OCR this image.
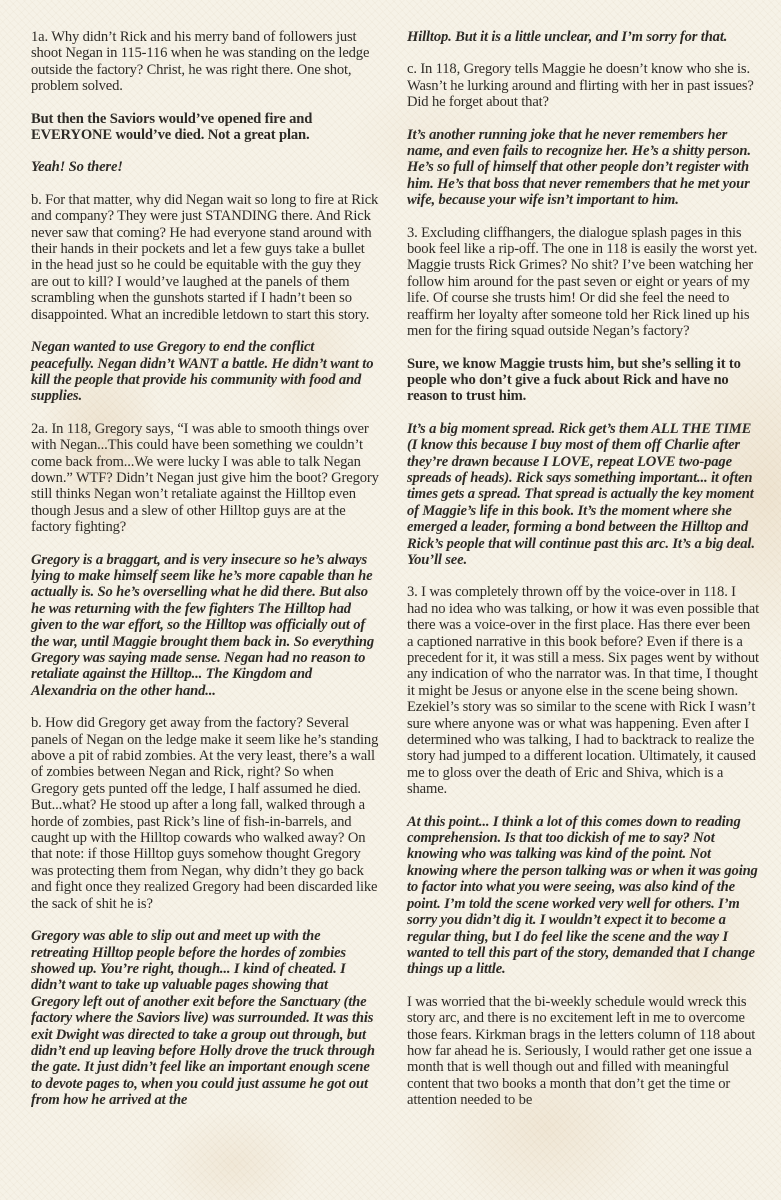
1a. Why didn’t Rick and his merry band of followers just shoot Negan in 115-116 when he was standing on the ledge outside the factory? Christ, he was right there. One shot, problem solved.

But then the Saviors would’ve opened fire and EVERYONE would’ve died. Not a great plan.

Yeah! So there!

b. For that matter, why did Negan wait so long to fire at Rick and company? They were just STANDING there. And Rick never saw that coming? He had everyone stand around with their hands in their pockets and let a few guys take a bullet in the head just so he could be equitable with the guy they are out to kill? I would’ve laughed at the panels of them scrambling when the gunshots started if I hadn’t been so disappointed. What an incredible letdown to start this story.

Negan wanted to use Gregory to end the conflict peacefully. Negan didn’t WANT a battle. He didn’t want to kill the people that provide his community with food and supplies.

2a. In 118, Gregory says, “I was able to smooth things over with Negan...This could have been something we couldn’t come back from...We were lucky I was able to talk Negan down.” WTF? Didn’t Negan just give him the boot? Gregory still thinks Negan won’t retaliate against the Hilltop even though Jesus and a slew of other Hilltop guys are at the factory fighting?

Gregory is a braggart, and is very insecure so he’s always lying to make himself seem like he’s more capable than he actually is. So he’s overselling what he did there. But also he was returning with the few fighters The Hilltop had given to the war effort, so the Hilltop was officially out of the war, until Maggie brought them back in. So everything Gregory was saying made sense. Negan had no reason to retaliate against the Hilltop... The Kingdom and Alexandria on the other hand...

b. How did Gregory get away from the factory? Several panels of Negan on the ledge make it seem like he’s standing above a pit of rabid zombies. At the very least, there’s a wall of zombies between Negan and Rick, right? So when Gregory gets punted off the ledge, I half assumed he died. But...what? He stood up after a long fall, walked through a horde of zombies, past Rick’s line of fish-in-barrels, and caught up with the Hilltop cowards who walked away? On that note: if those Hilltop guys somehow thought Gregory was protecting them from Negan, why didn’t they go back and fight once they realized Gregory had been discarded like the sack of shit he is?

Gregory was able to slip out and meet up with the retreating Hilltop people before the hordes of zombies showed up. You’re right, though... I kind of cheated. I didn’t want to take up valuable pages showing that Gregory left out of another exit before the Sanctuary (the factory where the Saviors live) was surrounded. It was this exit Dwight was directed to take a group out through, but didn’t end up leaving before Holly drove the truck through the gate. It just didn’t feel like an important enough scene to devote pages to, when you could just assume he got out from how he arrived at the

Hilltop. But it is a little unclear, and I’m sorry for that.

c. In 118, Gregory tells Maggie he doesn’t know who she is. Wasn’t he lurking around and flirting with her in past issues? Did he forget about that?

It’s another running joke that he never remembers her name, and even fails to recognize her. He’s a shitty person. He’s so full of himself that other people don’t register with him. He’s that boss that never remembers that he met your wife, because your wife isn’t important to him.

3. Excluding cliffhangers, the dialogue splash pages in this book feel like a rip-off. The one in 118 is easily the worst yet. Maggie trusts Rick Grimes? No shit? I’ve been watching her follow him around for the past seven or eight or years of my life. Of course she trusts him! Or did she feel the need to reaffirm her loyalty after someone told her Rick lined up his men for the firing squad outside Negan’s factory?

Sure, we know Maggie trusts him, but she’s selling it to people who don’t give a fuck about Rick and have no reason to trust him.

It’s a big moment spread. Rick get’s them ALL THE TIME (I know this because I buy most of them off Charlie after they’re drawn because I LOVE, repeat LOVE two-page spreads of heads). Rick says something important... it often times gets a spread. That spread is actually the key moment of Maggie’s life in this book. It’s the moment where she emerged a leader, forming a bond between the Hilltop and Rick’s people that will continue past this arc. It’s a big deal. You’ll see.

3. I was completely thrown off by the voice-over in 118. I had no idea who was talking, or how it was even possible that there was a voice-over in the first place. Has there ever been a captioned narrative in this book before? Even if there is a precedent for it, it was still a mess. Six pages went by without any indication of who the narrator was. In that time, I thought it might be Jesus or anyone else in the scene being shown. Ezekiel’s story was so similar to the scene with Rick I wasn’t sure where anyone was or what was happening. Even after I determined who was talking, I had to backtrack to realize the story had jumped to a different location. Ultimately, it caused me to gloss over the death of Eric and Shiva, which is a shame.

At this point... I think a lot of this comes down to reading comprehension. Is that too dickish of me to say? Not knowing who was talking was kind of the point. Not knowing where the person talking was or when it was going to factor into what you were seeing, was also kind of the point. I’m told the scene worked very well for others. I’m sorry you didn’t dig it. I wouldn’t expect it to become a regular thing, but I do feel like the scene and the way I wanted to tell this part of the story, demanded that I change things up a little.

I was worried that the bi-weekly schedule would wreck this story arc, and there is no excitement left in me to overcome those fears. Kirkman brags in the letters column of 118 about how far ahead he is. Seriously, I would rather get one issue a month that is well though out and filled with meaningful content that two books a month that don’t get the time or attention needed to be
